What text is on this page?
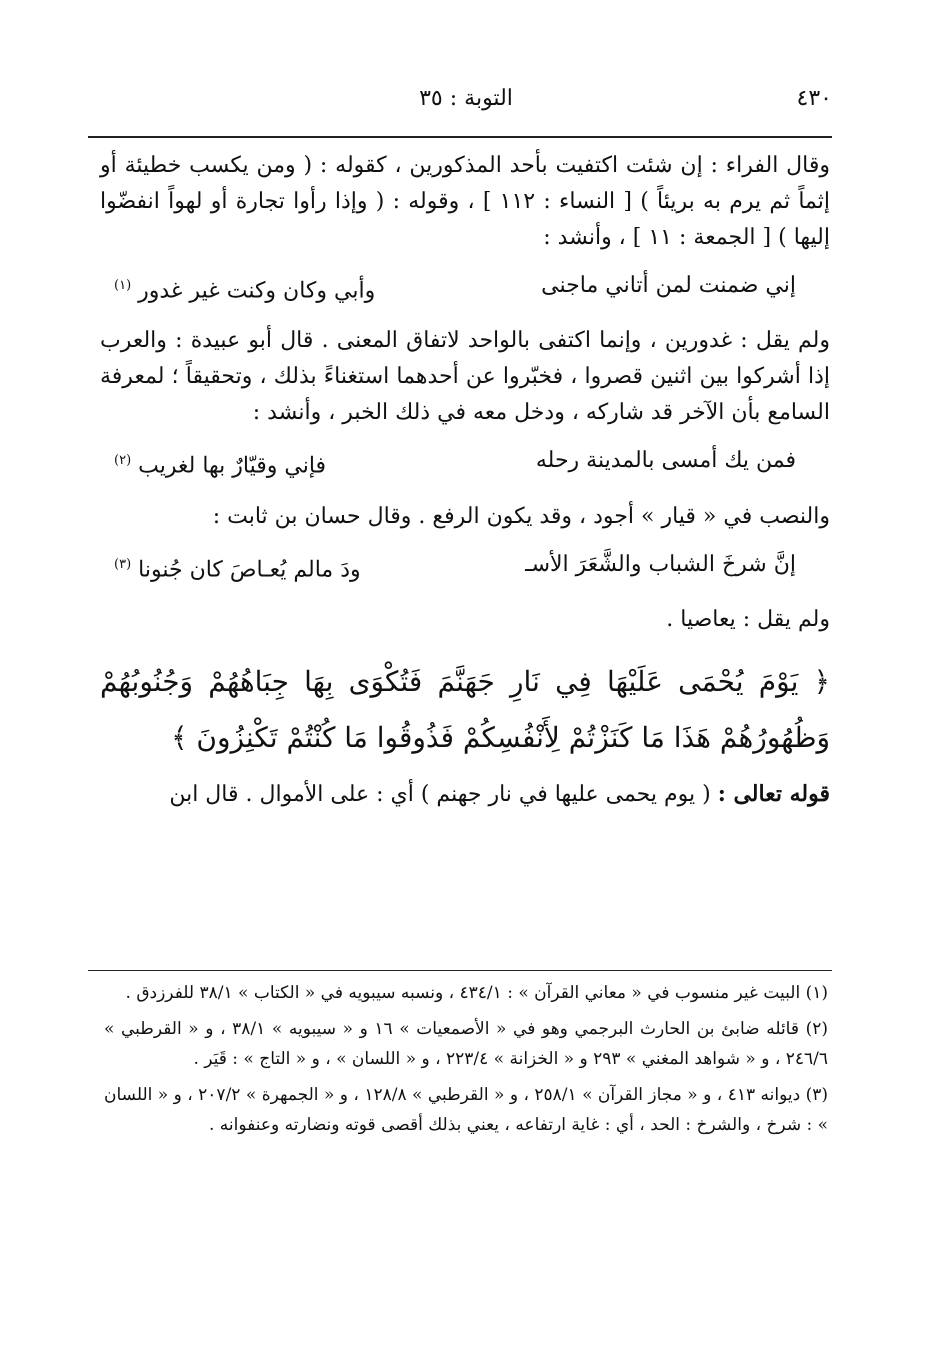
٤٣٠
التوبة : ٣٥

وقال الفراء : إن شئت اكتفيت بأحد المذكورين ، كقوله : ( ومن يكسب خطيئة أو إثماً ثم يرم به بريئاً ) [ النساء : ١١٢ ] ، وقوله : ( وإذا رأوا تجارة أو لهواً انفضّوا إليها ) [ الجمعة : ١١ ] ، وأنشد :

إني ضمنت لمن أتاني ماجنى
وأبي وكان وكنت غير غدور $^{(١)}$

ولم يقل : غدورين ، وإنما اكتفى بالواحد لاتفاق المعنى . قال أبو عبيدة : والعرب إذا أشركوا بين اثنين قصروا ، فخبّروا عن أحدهما استغناءً بذلك ، وتحقيقاً ؛ لمعرفة السامع بأن الآخر قد شاركه ، ودخل معه في ذلك الخبر ، وأنشد :

فمن يك أمسى بالمدينة رحله
فإني وقيّارٌ بها لغريب $^{(٢)}$

والنصب في « قيار » أجود ، وقد يكون الرفع . وقال حسان بن ثابت :

إنَّ شرخَ الشباب والشَّعَرَ الأسـ
ودَ مالم يُعـاصَ كان جُنونا $^{(٣)}$

ولم يقل : يعاصيا .

﴿ يَوْمَ يُحْمَى عَلَيْهَا فِي نَارِ جَهَنَّمَ فَتُكْوَى بِهَا جِبَاهُهُمْ وَجُنُوبُهُمْ وَظُهُورُهُمْ هَذَا مَا كَنَزْتُمْ لِأَنْفُسِكُمْ فَذُوقُوا مَا كُنْتُمْ تَكْنِزُونَ ﴾

قوله تعالى : ( يوم يحمى عليها في نار جهنم ) أي : على الأموال . قال ابن

(١) البيت غير منسوب في « معاني القرآن » : ٤٣٤/١ ، ونسبه سيبويه في « الكتاب » ٣٨/١ للفرزدق .

(٢) قائله ضابئ بن الحارث البرجمي وهو في « الأصمعيات » ١٦ و « سيبويه » ٣٨/١ ، و « القرطبي » ٢٤٦/٦ ، و « شواهد المغني » ٢٩٣ و « الخزانة » ٢٢٣/٤ ، و « اللسان » ، و « التاج » : قَيَر .

(٣) ديوانه ٤١٣ ، و « مجاز القرآن » ٢٥٨/١ ، و « القرطبي » ١٢٨/٨ ، و « الجمهرة » ٢٠٧/٢ ، و « اللسان » : شرخ ، والشرخ : الحد ، أي : غاية ارتفاعه ، يعني بذلك أقصى قوته ونضارته وعنفوانه .
